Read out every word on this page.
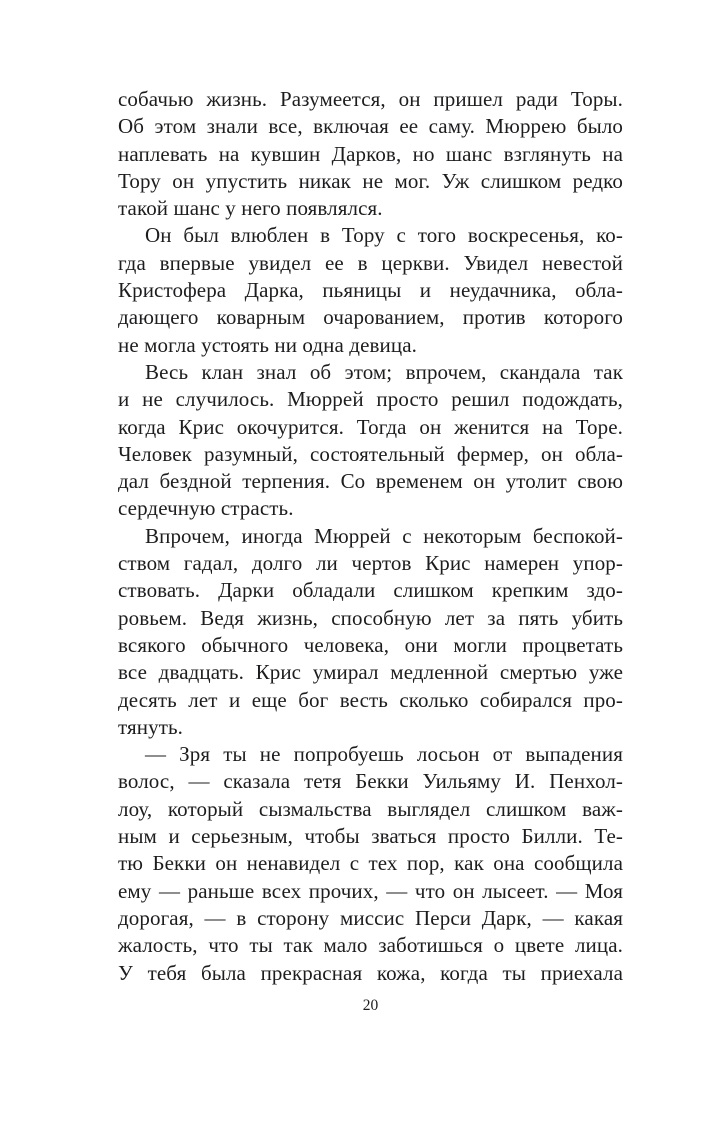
собачью жизнь. Разумеется, он пришел ради Торы.
Об этом знали все, включая ее саму. Мюррею было
наплевать на кувшин Дарков, но шанс взглянуть на
Тору он упустить никак не мог. Уж слишком редко
такой шанс у него появлялся.
Он был влюблен в Тору с того воскресенья, ко-
гда впервые увидел ее в церкви. Увидел невестой
Кристофера Дарка, пьяницы и неудачника, обла-
дающего коварным очарованием, против которого
не могла устоять ни одна девица.
Весь клан знал об этом; впрочем, скандала так
и не случилось. Мюррей просто решил подождать,
когда Крис окочурится. Тогда он женится на Торе.
Человек разумный, состоятельный фермер, он обла-
дал бездной терпения. Со временем он утолит свою
сердечную страсть.
Впрочем, иногда Мюррей с некоторым беспокой-
ством гадал, долго ли чертов Крис намерен упор-
ствовать. Дарки обладали слишком крепким здо-
ровьем. Ведя жизнь, способную лет за пять убить
всякого обычного человека, они могли процветать
все двадцать. Крис умирал медленной смертью уже
десять лет и еще бог весть сколько собирался про-
тянуть.
— Зря ты не попробуешь лосьон от выпадения
волос, — сказала тетя Бекки Уильяму И. Пенхол-
лоу, который сызмальства выглядел слишком важ-
ным и серьезным, чтобы зваться просто Билли. Те-
тю Бекки он ненавидел с тех пор, как она сообщила
ему — раньше всех прочих, — что он лысеет. — Моя
дорогая, — в сторону миссис Перси Дарк, — какая
жалость, что ты так мало заботишься о цвете лица.
У тебя была прекрасная кожа, когда ты приехала
20
